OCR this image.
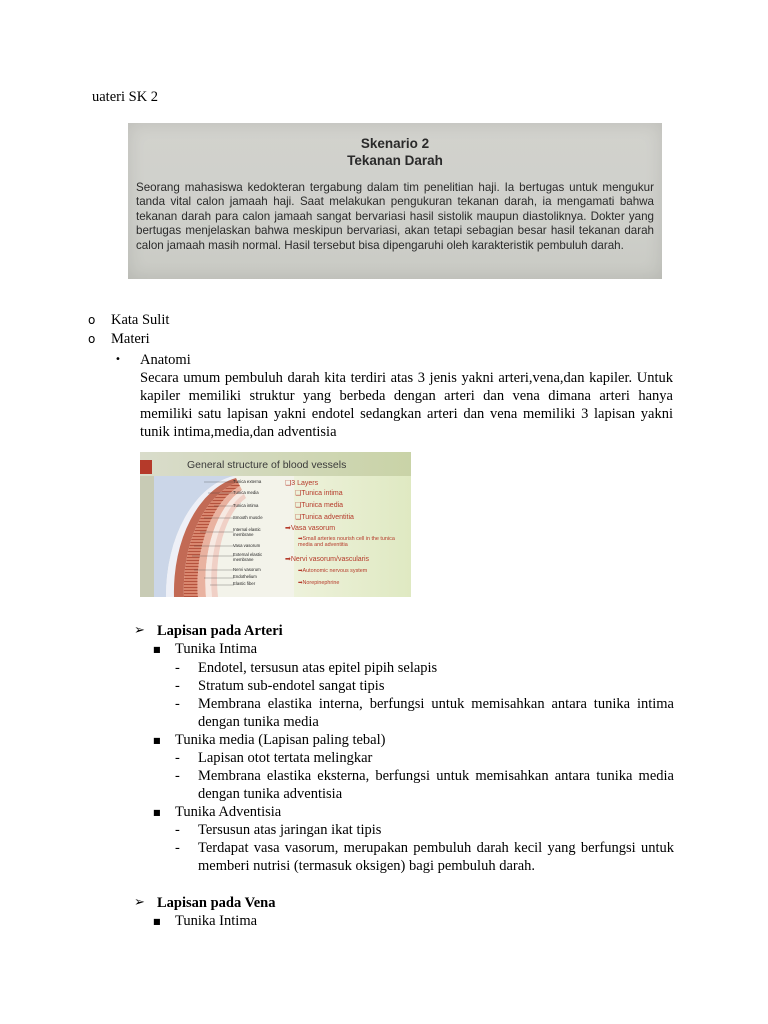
uateri SK 2
Skenario 2
Tekanan Darah
Seorang mahasiswa kedokteran tergabung dalam tim penelitian haji. Ia bertugas untuk mengukur tanda vital calon jamaah haji. Saat melakukan pengukuran tekanan darah, ia mengamati bahwa tekanan darah para calon jamaah sangat bervariasi hasil sistolik maupun diastoliknya. Dokter yang bertugas menjelaskan bahwa meskipun bervariasi, akan tetapi sebagian besar hasil tekanan darah calon jamaah masih normal. Hasil tersebut bisa dipengaruhi oleh karakteristik pembuluh darah.
o Kata Sulit
o Materi
• Anatomi
Secara umum pembuluh darah kita terdiri atas 3 jenis yakni arteri,vena,dan kapiler. Untuk kapiler memiliki struktur yang berbeda dengan arteri dan vena dimana arteri hanya memiliki satu lapisan yakni endotel sedangkan arteri dan vena memiliki 3 lapisan yakni tunik intima,media,dan adventisia
General structure of blood vessels
Tunica externa
Tunica media
Tunica intima
Smooth muscle
Internal elastic membrane
Vasa vasorum
External elastic membrane
Nervi vasorum
Endothelium
Elastic fiber
❑3 Layers
❑Tunica intima
❑Tunica media
❑Tunica adventitia
➡Vasa vasorum
➡Small arteries nourish cell in the tunica media and adventitia
➡Nervi vasorum/vascularis
➡Autonomic nervous system
➡Norepinephrine
➢ Lapisan pada Arteri
■ Tunika Intima
- Endotel, tersusun atas epitel pipih selapis
- Stratum sub-endotel sangat tipis
- Membrana elastika interna, berfungsi untuk memisahkan antara tunika intima dengan tunika media
■ Tunika media (Lapisan paling tebal)
- Lapisan otot tertata melingkar
- Membrana elastika eksterna, berfungsi untuk memisahkan antara tunika media dengan tunika adventisia
■ Tunika Adventisia
- Tersusun atas jaringan ikat tipis
- Terdapat vasa vasorum, merupakan pembuluh darah kecil yang berfungsi untuk memberi nutrisi (termasuk oksigen) bagi pembuluh darah.
➢ Lapisan pada Vena
■ Tunika Intima
